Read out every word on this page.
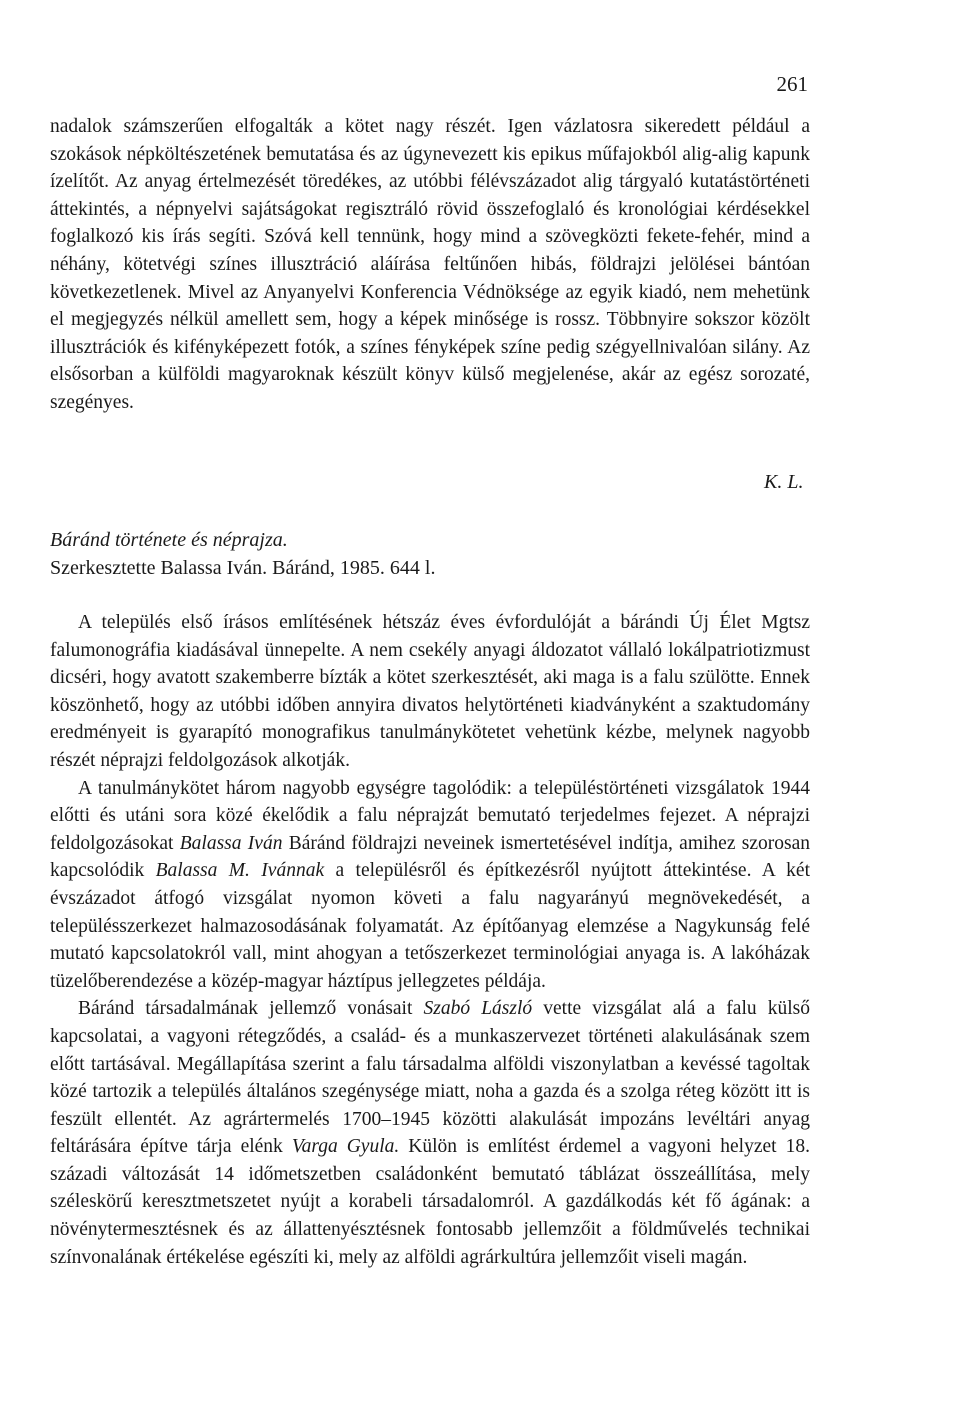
261

nadalok számszerűen elfogalták a kötet nagy részét. Igen vázlatosra sikeredett például a szokások népköltészetének bemutatása és az úgynevezett kis epikus műfajokból alig-alig kapunk ízelítőt. Az anyag értelmezését töredékes, az utóbbi félévszázadot alig tárgyaló kutatástörténeti áttekintés, a népnyelvi sajátságokat regisztráló rövid összefoglaló és kronológiai kérdésekkel foglalkozó kis írás segíti. Szóvá kell tennünk, hogy mind a szövegközti fekete-fehér, mind a néhány, kötetvégi színes illusztráció aláírása feltűnően hibás, földrajzi jelölései bántóan következetlenek. Mivel az Anyanyelvi Konferencia Védnöksége az egyik kiadó, nem mehetünk el megjegyzés nélkül amellett sem, hogy a képek minősége is rossz. Többnyire sokszor közölt illusztrációk és kifényképezett fotók, a színes fényképek színe pedig szégyellnivalóan silány. Az elsősorban a külföldi magyaroknak készült könyv külső megjelenése, akár az egész sorozaté, szegényes.

K. L.
Báránd története és néprajza.
Szerkesztette Balassa Iván. Báránd, 1985. 644 l.

A település első írásos említésének hétszáz éves évfordulóját a bárándi Új Élet Mgtsz falumonográfia kiadásával ünnepelte. A nem csekély anyagi áldozatot vállaló lokálpatriotizmust dicséri, hogy avatott szakemberre bízták a kötet szerkesztését, aki maga is a falu szülötte. Ennek köszönhető, hogy az utóbbi időben annyira divatos helytörténeti kiadványként a szaktudomány eredményeit is gyarapító monografikus tanulmánykötetet vehetünk kézbe, melynek nagyobb részét néprajzi feldolgozások alkotják.

A tanulmánykötet három nagyobb egységre tagolódik: a településtörténeti vizsgálatok 1944 előtti és utáni sora közé ékelődik a falu néprajzát bemutató terjedelmes fejezet. A néprajzi feldolgozásokat Balassa Iván Báránd földrajzi neveinek ismertetésével indítja, amihez szorosan kapcsolódik Balassa M. Ivánnak a településről és építkezésről nyújtott áttekintése. A két évszázadot átfogó vizsgálat nyomon követi a falu nagyarányú megnövekedését, a településszerkezet halmazosodásának folyamatát. Az építőanyag elemzése a Nagykunság felé mutató kapcsolatokról vall, mint ahogyan a tetőszerkezet terminológiai anyaga is. A lakóházak tüzelőberendezése a közép-magyar háztípus jellegzetes példája.

Báránd társadalmának jellemző vonásait Szabó László vette vizsgálat alá a falu külső kapcsolatai, a vagyoni rétegződés, a család- és a munkaszervezet történeti alakulásának szem előtt tartásával. Megállapítása szerint a falu társadalma alföldi viszonylatban a kevéssé tagoltak közé tartozik a település általános szegénysége miatt, noha a gazda és a szolga réteg között itt is feszült ellentét. Az agrártermelés 1700–1945 közötti alakulását impozáns levéltári anyag feltárására építve tárja elénk Varga Gyula. Külön is említést érdemel a vagyoni helyzet 18. századi változását 14 időmetszetben családonként bemutató táblázat összeállítása, mely széleskörű keresztmetszetet nyújt a korabeli társadalomról. A gazdálkodás két fő ágának: a növénytermesztésnek és az állattenyésztésnek fontosabb jellemzőit a földművelés technikai színvonalának értékelése egészíti ki, mely az alföldi agrárkultúra jellemzőit viseli magán.
